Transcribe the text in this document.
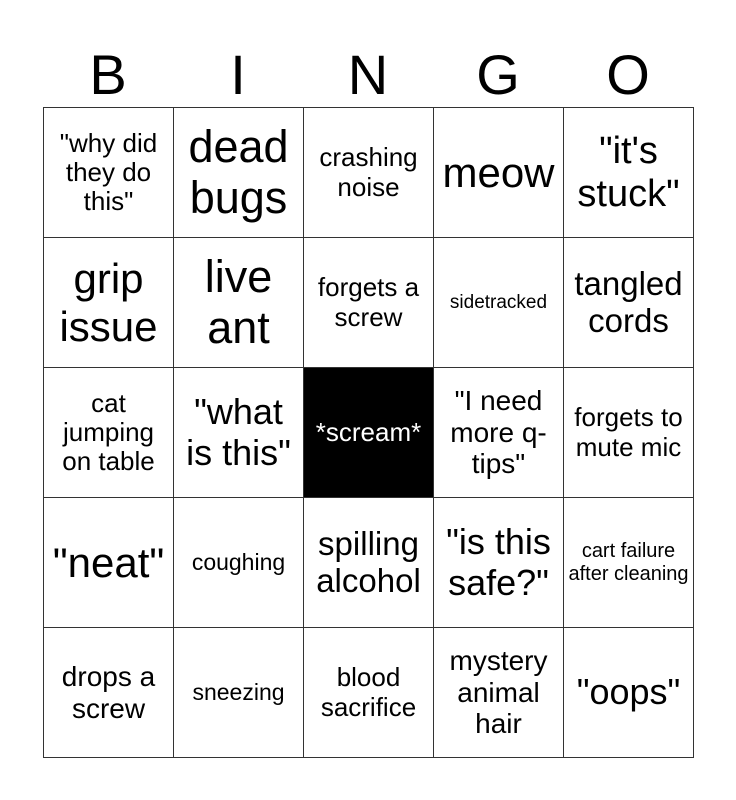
B	I	N	G	O
"why did they do this"	dead bugs	crashing noise	meow	"it's stuck"
grip issue	live ant	forgets a screw	sidetracked	tangled cords
cat jumping on table	"what is this"	*scream*	"I need more q-tips"	forgets to mute mic
"neat"	coughing	spilling alcohol	"is this safe?"	cart failure after cleaning
drops a screw	sneezing	blood sacrifice	mystery animal hair	"oops"
